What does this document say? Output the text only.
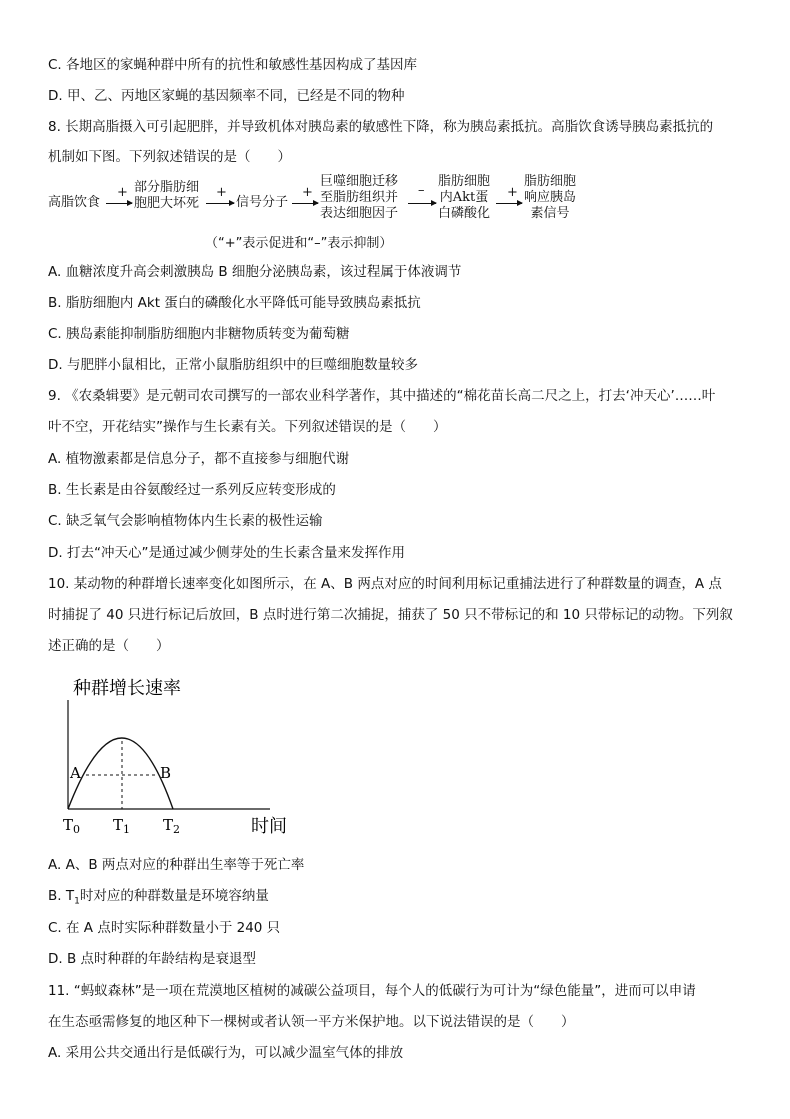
C. 各地区的家蝇种群中所有的抗性和敏感性基因构成了基因库
D. 甲、乙、丙地区家蝇的基因频率不同，已经是不同的物种
8. 长期高脂摄入可引起肥胖，并导致机体对胰岛素的敏感性下降，称为胰岛素抵抗。高脂饮食诱导胰岛素抵抗的
机制如下图。下列叙述错误的是（　　）
高脂饮食
+ 部分脂肪细
胞肥大坏死
+
信号分子
+
巨噬细胞迁移
至脂肪组织并
表达细胞因子
–
脂肪细胞
内Akt蛋
白磷酸化
+
脂肪细胞
响应胰岛
素信号
（“+”表示促进和“–”表示抑制）
A. 血糖浓度升高会刺激胰岛 B 细胞分泌胰岛素，该过程属于体液调节
B. 脂肪细胞内 Akt 蛋白的磷酸化水平降低可能导致胰岛素抵抗
C. 胰岛素能抑制脂肪细胞内非糖物质转变为葡萄糖
D. 与肥胖小鼠相比，正常小鼠脂肪组织中的巨噬细胞数量较多
9. 《农桑辑要》是元朝司农司撰写的一部农业科学著作，其中描述的“棉花苗长高二尺之上，打去‘冲天心’……叶
叶不空，开花结实”操作与生长素有关。下列叙述错误的是（　　）
A. 植物激素都是信息分子，都不直接参与细胞代谢
B. 生长素是由谷氨酸经过一系列反应转变形成的
C. 缺乏氧气会影响植物体内生长素的极性运输
D. 打去“冲天心”是通过减少侧芽处的生长素含量来发挥作用
10. 某动物的种群增长速率变化如图所示，在 A、B 两点对应的时间利用标记重捕法进行了种群数量的调查，A 点
时捕捉了 40 只进行标记后放回，B 点时进行第二次捕捉，捕获了 50 只不带标记的和 10 只带标记的动物。下列叙
述正确的是（　　）
种群增长速率
A	B
$T_0$ $T_1$ $T_2$	时间
A. A、B 两点对应的种群出生率等于死亡率
B. $T_1$时对应的种群数量是环境容纳量
C. 在 A 点时实际种群数量小于 240 只
D. B 点时种群的年龄结构是衰退型
11. “蚂蚁森林”是一项在荒漠地区植树的减碳公益项目，每个人的低碳行为可计为“绿色能量”，进而可以申请
在生态亟需修复的地区种下一棵树或者认领一平方米保护地。以下说法错误的是（　　）
A. 采用公共交通出行是低碳行为，可以减少温室气体的排放
